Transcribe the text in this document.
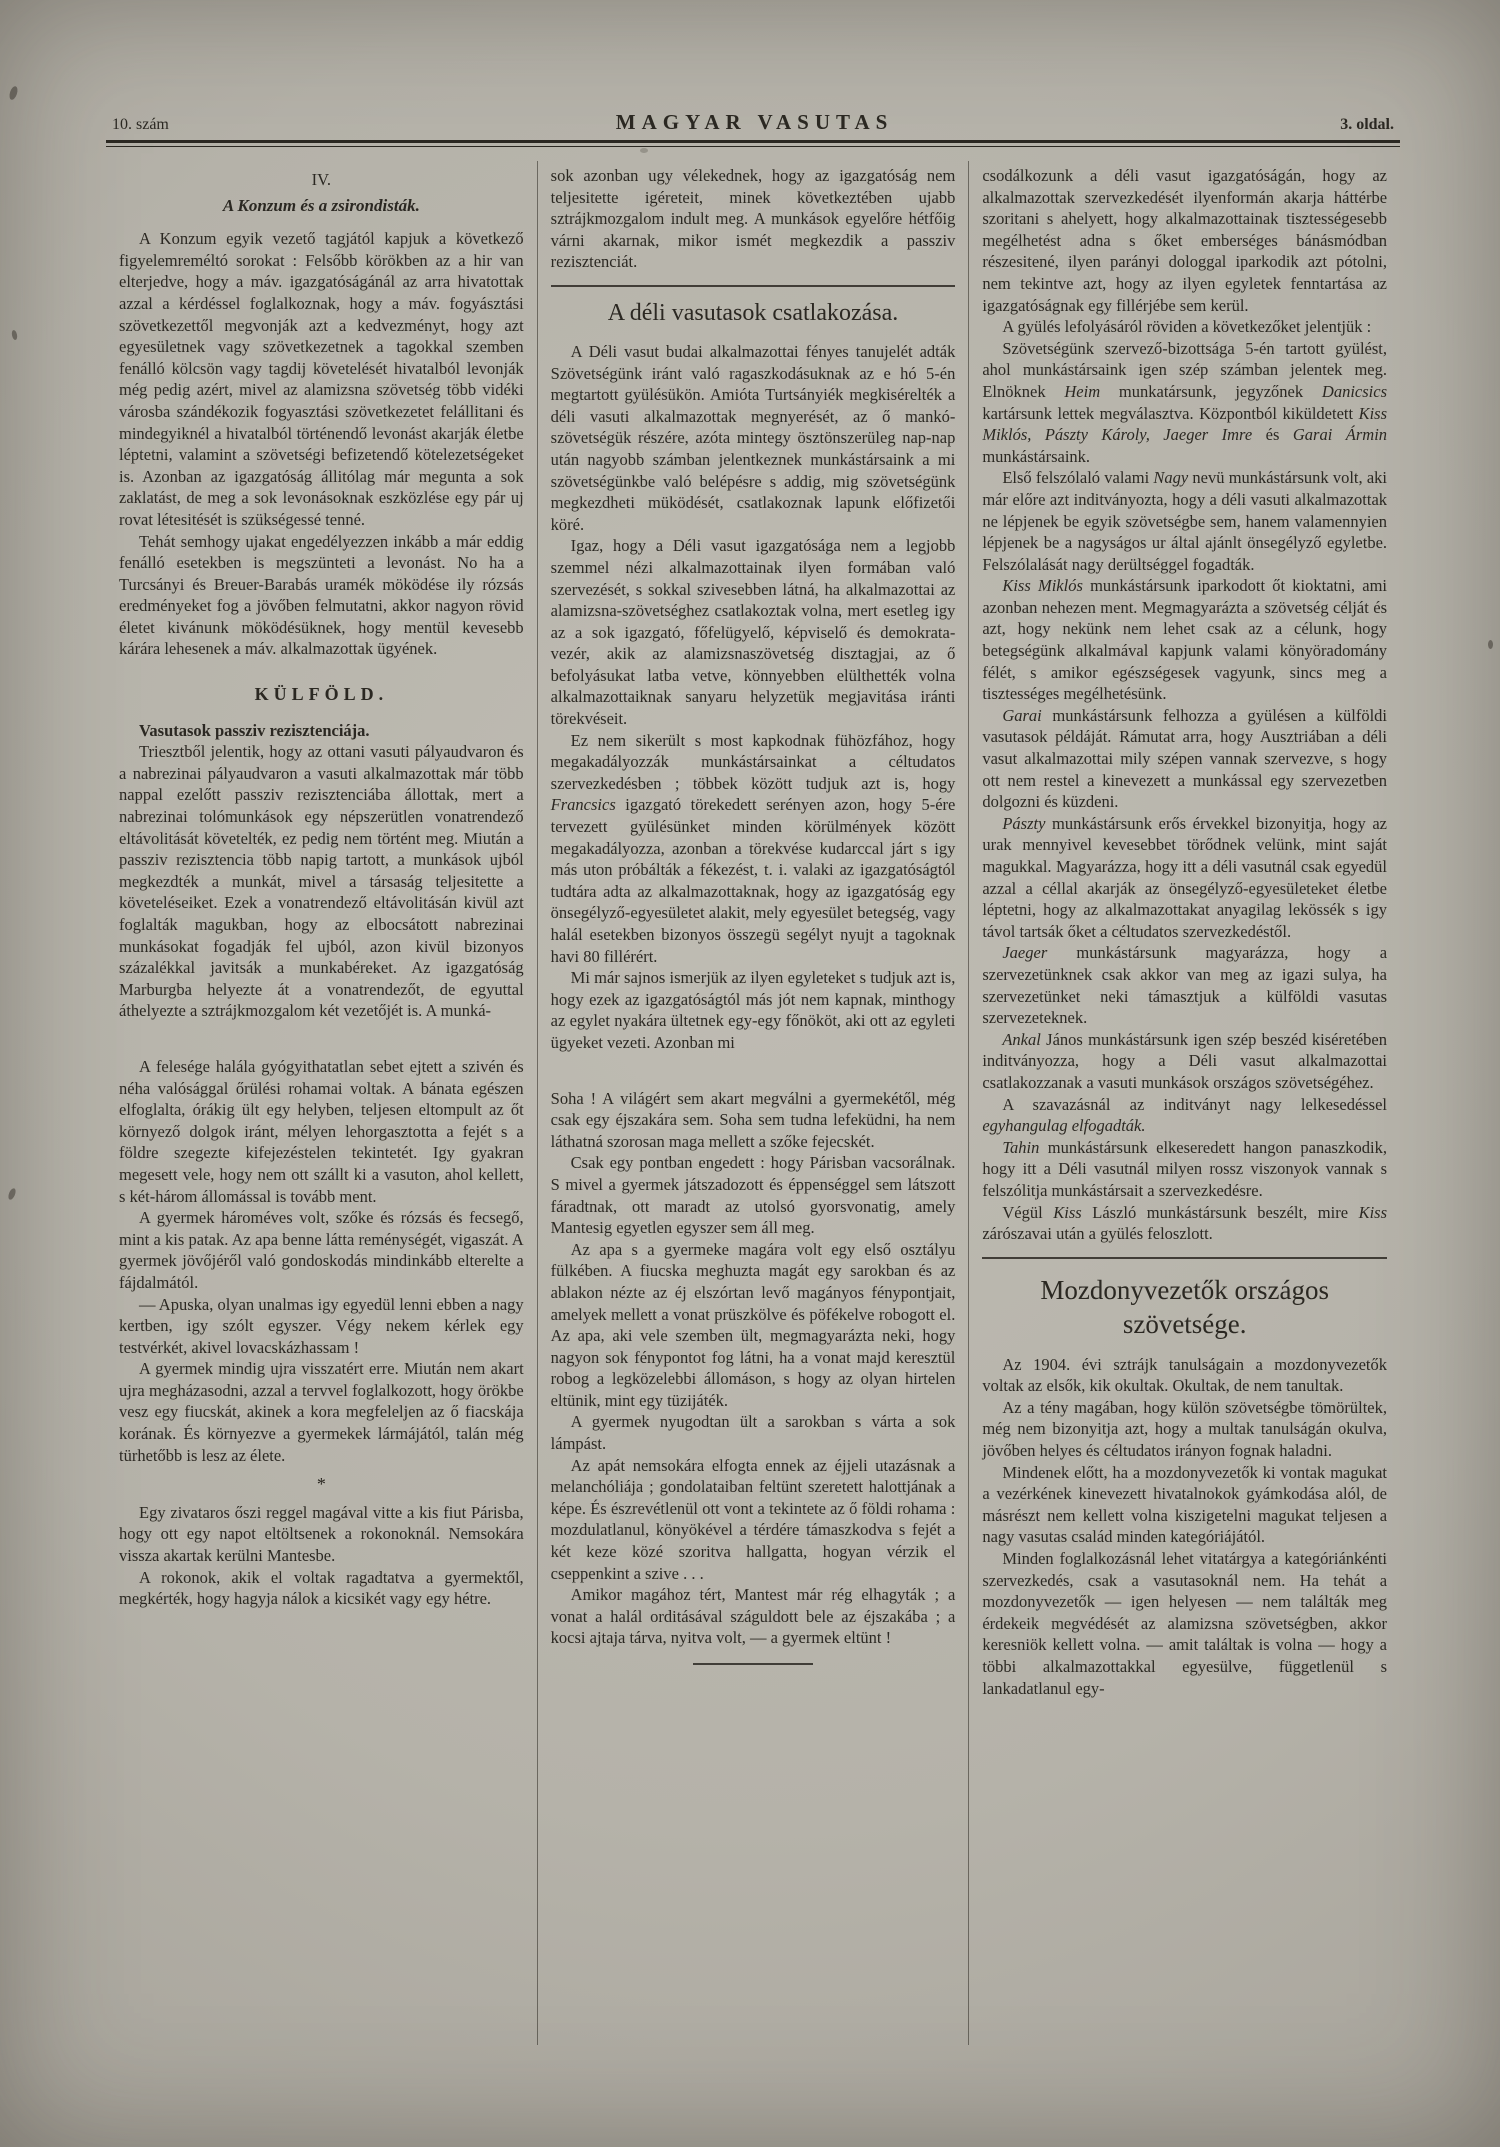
10. szám	MAGYAR VASUTAS	3. oldal.
IV.
A Konzum és a zsirondisták.
A Konzum egyik vezető tagjától kapjuk a következő figyelemreméltó sorokat : Felsőbb körökben az a hir van elterjedve, hogy a máv. igazgatóságánál az arra hivatottak azzal a kérdéssel foglalkoznak, hogy a máv. fogyásztási szövetkezettől megvonják azt a kedvezményt, hogy azt egyesületnek vagy szövetkezetnek a tagokkal szemben fenálló kölcsön vagy tagdij követelését hivatalból levonják még pedig azért, mivel az alamizsna szövetség több vidéki városba szándékozik fogyasztási szövetkezetet felállitani és mindegyiknél a hivatalból történendő levonást akarják életbe léptetni, valamint a szövetségi befizetendő kötelezetségeket is. Azonban az igazgatóság állitólag már megunta a sok zaklatást, de meg a sok levonásoknak eszközlése egy pár uj rovat létesitését is szükségessé tenné.
Tehát semhogy ujakat engedélyezzen inkább a már eddig fenálló esetekben is megszünteti a levonást. No ha a Turcsányi és Breuer-Barabás uramék möködése ily rózsás eredményeket fog a jövőben felmutatni, akkor nagyon rövid életet kivánunk möködésüknek, hogy mentül kevesebb kárára lehesenek a máv. alkalmazottak ügyének.
KÜLFÖLD.
Vasutasok passziv rezisztenciája.
Triesztből jelentik, hogy az ottani vasuti pályaudvaron és a nabrezinai pályaudvaron a vasuti alkalmazottak már több nappal ezelőtt passziv rezisztenciába állottak, mert a nabrezinai tolómunkások egy népszerütlen vonatrendező eltávolitását követelték, ez pedig nem történt meg. Miután a passziv rezisztencia több napig tartott, a munkások ujból megkezdték a munkát, mivel a társaság teljesitette a követeléseiket. Ezek a vonatrendező eltávolitásán kivül azt foglalták magukban, hogy az elbocsátott nabrezinai munkásokat fogadják fel ujból, azon kivül bizonyos százalékkal javitsák a munkabéreket. Az igazgatóság Marburgba helyezte át a vonatrendezőt, de egyuttal áthelyezte a sztrájkmozgalom két vezetőjét is. A munká-
A felesége halála gyógyithatatlan sebet ejtett a szivén és néha valósággal őrülési rohamai voltak. A bánata egészen elfoglalta, órákig ült egy helyben, teljesen eltompult az őt környező dolgok iránt, mélyen lehorgasztotta a fejét s a földre szegezte kifejezéstelen tekintetét. Igy gyakran megesett vele, hogy nem ott szállt ki a vasuton, ahol kellett, s két-három állomással is tovább ment.
A gyermek hároméves volt, szőke és rózsás és fecsegő, mint a kis patak. Az apa benne látta reménységét, vigaszát. A gyermek jövőjéről való gondoskodás mindinkább elterelte a fájdalmától.
— Apuska, olyan unalmas igy egyedül lenni ebben a nagy kertben, igy szólt egyszer. Végy nekem kérlek egy testvérkét, akivel lovacskázhassam !
A gyermek mindig ujra visszatért erre. Miután nem akart ujra megházasodni, azzal a tervvel foglalkozott, hogy örökbe vesz egy fiucskát, akinek a kora megfeleljen az ő fiacskája korának. És környezve a gyermekek lármájától, talán még türhetőbb is lesz az élete.
*
Egy zivataros őszi reggel magával vitte a kis fiut Párisba, hogy ott egy napot eltöltsenek a rokonoknál. Nemsokára vissza akartak kerülni Mantesbe.
A rokonok, akik el voltak ragadtatva a gyermektől, megkérték, hogy hagyja nálok a kicsikét vagy egy hétre.
sok azonban ugy vélekednek, hogy az igazgatóság nem teljesitette igéreteit, minek következtében ujabb sztrájkmozgalom indult meg. A munkások egyelőre hétfőig várni akarnak, mikor ismét megkezdik a passziv rezisztenciát.
A déli vasutasok csatlakozása.
A Déli vasut budai alkalmazottai fényes tanujelét adták Szövetségünk iránt való ragaszkodásuknak az e hó 5-én megtartott gyülésükön. Amióta Turtsányiék megkisérelték a déli vasuti alkalmazottak megnyerését, az ő mankó-szövetségük részére, azóta mintegy ösztönszerüleg nap-nap után nagyobb számban jelentkeznek munkástársaink a mi szövetségünkbe való belépésre s addig, mig szövetségünk megkezdheti müködését, csatlakoznak lapunk előfizetői köré.
Igaz, hogy a Déli vasut igazgatósága nem a legjobb szemmel nézi alkalmazottainak ilyen formában való szervezését, s sokkal szivesebben látná, ha alkalmazottai az alamizsna-szövetséghez csatlakoztak volna, mert esetleg igy az a sok igazgató, főfelügyelő, képviselő és demokrata-vezér, akik az alamizsnaszövetség disztagjai, az ő befolyásukat latba vetve, könnyebben elülthették volna alkalmazottaiknak sanyaru helyzetük megjavitása iránti törekvéseit.
Ez nem sikerült s most kapkodnak fühözfához, hogy megakadályozzák munkástársainkat a céltudatos szervezkedésben ; többek között tudjuk azt is, hogy Francsics igazgató törekedett serényen azon, hogy 5-ére tervezett gyülésünket minden körülmények között megakadályozza, azonban a törekvése kudarccal járt s igy más uton próbálták a fékezést, t. i. valaki az igazgatóságtól tudtára adta az alkalmazottaknak, hogy az igazgatóság egy önsegélyző-egyesületet alakit, mely egyesület betegség, vagy halál esetekben bizonyos összegü segélyt nyujt a tagoknak havi 80 fillérért.
Mi már sajnos ismerjük az ilyen egyleteket s tudjuk azt is, hogy ezek az igazgatóságtól más jót nem kapnak, minthogy az egylet nyakára ültetnek egy-egy főnököt, aki ott az egyleti ügyeket vezeti. Azonban mi
Soha ! A világért sem akart megválni a gyermekétől, még csak egy éjszakára sem. Soha sem tudna lefeküdni, ha nem láthatná szorosan maga mellett a szőke fejecskét.
Csak egy pontban engedett : hogy Párisban vacsorálnak. S mivel a gyermek játszadozott és éppenséggel sem látszott fáradtnak, ott maradt az utolsó gyorsvonatig, amely Mantesig egyetlen egyszer sem áll meg.
Az apa s a gyermeke magára volt egy első osztályu fülkében. A fiucska meghuzta magát egy sarokban és az ablakon nézte az éj elszórtan levő magányos fénypontjait, amelyek mellett a vonat prüszkölve és pöfékelve robogott el. Az apa, aki vele szemben ült, megmagyarázta neki, hogy nagyon sok fénypontot fog látni, ha a vonat majd keresztül robog a legközelebbi állomáson, s hogy az olyan hirtelen eltünik, mint egy tüzijáték.
A gyermek nyugodtan ült a sarokban s várta a sok lámpást.
Az apát nemsokára elfogta ennek az éjjeli utazásnak a melanchóliája ; gondolataiban feltünt szeretett halottjának a képe. És észrevétlenül ott vont a tekintete az ő földi rohama : mozdulatlanul, könyökével a térdére támaszkodva s fejét a két keze közé szoritva hallgatta, hogyan vérzik el cseppenkint a szive . . .
Amikor magához tért, Mantest már rég elhagyták ; a vonat a halál orditásával száguldott bele az éjszakába ; a kocsi ajtaja tárva, nyitva volt, — a gyermek eltünt !
csodálkozunk a déli vasut igazgatóságán, hogy az alkalmazottak szervezkedését ilyenformán akarja háttérbe szoritani s ahelyett, hogy alkalmazottainak tisztességesebb megélhetést adna s őket emberséges bánásmódban részesitené, ilyen parányi dologgal iparkodik azt pótolni, nem tekintve azt, hogy az ilyen egyletek fenntartása az igazgatóságnak egy fillérjébe sem kerül.
A gyülés lefolyásáról röviden a következőket jelentjük :
Szövetségünk szervező-bizottsága 5-én tartott gyülést, ahol munkástársaink igen szép számban jelentek meg. Elnöknek Heim munkatársunk, jegyzőnek Danicsics kartársunk lettek megválasztva. Központból kiküldetett Kiss Miklós, Pászty Károly, Jaeger Imre és Garai Ármin munkástársaink.
Első felszólaló valami Nagy nevü munkástársunk volt, aki már előre azt inditványozta, hogy a déli vasuti alkalmazottak ne lépjenek be egyik szövetségbe sem, hanem valamennyien lépjenek be a nagyságos ur által ajánlt önsegélyző egyletbe. Felszólalását nagy derültséggel fogadták.
Kiss Miklós munkástársunk iparkodott őt kioktatni, ami azonban nehezen ment. Megmagyarázta a szövetség célját és azt, hogy nekünk nem lehet csak az a célunk, hogy betegségünk alkalmával kapjunk valami könyöradomány félét, s amikor egészségesek vagyunk, sincs meg a tisztességes megélhetésünk.
Garai munkástársunk felhozza a gyülésen a külföldi vasutasok példáját. Rámutat arra, hogy Ausztriában a déli vasut alkalmazottai mily szépen vannak szervezve, s hogy ott nem restel a kinevezett a munkással egy szervezetben dolgozni és küzdeni.
Pászty munkástársunk erős érvekkel bizonyitja, hogy az urak mennyivel kevesebbet törődnek velünk, mint saját magukkal. Magyarázza, hogy itt a déli vasutnál csak egyedül azzal a céllal akarják az önsegélyző-egyesületeket életbe léptetni, hogy az alkalmazottakat anyagilag lekössék s igy távol tartsák őket a céltudatos szervezkedéstől.
Jaeger munkástársunk magyarázza, hogy a szervezetünknek csak akkor van meg az igazi sulya, ha szervezetünket neki támasztjuk a külföldi vasutas szervezeteknek.
Ankal János munkástársunk igen szép beszéd kiséretében inditványozza, hogy a Déli vasut alkalmazottai csatlakozzanak a vasuti munkások országos szövetségéhez.
A szavazásnál az inditványt nagy lelkesedéssel egyhangulag elfogadták.
Tahin munkástársunk elkeseredett hangon panaszkodik, hogy itt a Déli vasutnál milyen rossz viszonyok vannak s felszólitja munkástársait a szervezkedésre.
Végül Kiss László munkástársunk beszélt, mire Kiss zárószavai után a gyülés feloszlott.
Mozdonyvezetők országos szövetsége.
Az 1904. évi sztrájk tanulságain a mozdonyvezetők voltak az elsők, kik okultak. Okultak, de nem tanultak.
Az a tény magában, hogy külön szövetségbe tömörültek, még nem bizonyitja azt, hogy a multak tanulságán okulva, jövőben helyes és céltudatos irányon fognak haladni.
Mindenek előtt, ha a mozdonyvezetők ki vontak magukat a vezérkének kinevezett hivatalnokok gyámkodása alól, de másrészt nem kellett volna kiszigetelni magukat teljesen a nagy vasutas család minden kategóriájától.
Minden foglalkozásnál lehet vitatárgya a kategóriánkénti szervezkedés, csak a vasutasoknál nem. Ha tehát a mozdonyvezetők — igen helyesen — nem találták meg érdekeik megvédését az alamizsna szövetségben, akkor keresniök kellett volna. — amit találtak is volna — hogy a többi alkalmazottakkal egyesülve, függetlenül s lankadatlanul egy-
